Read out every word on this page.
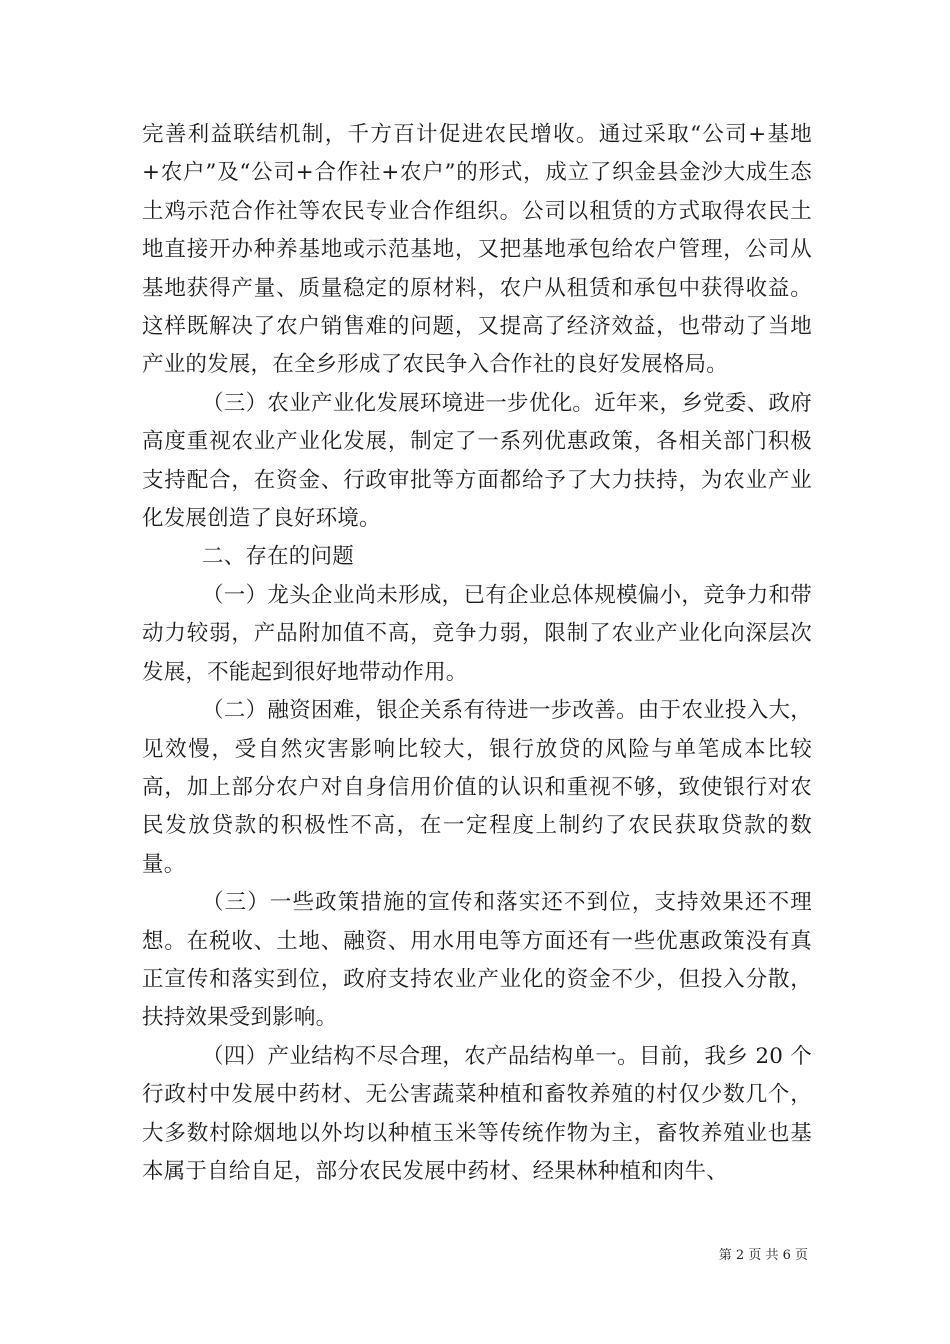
完善利益联结机制，千方百计促进农民增收。通过采取“公司+基地+农户”及“公司+合作社+农户”的形式，成立了织金县金沙大成生态土鸡示范合作社等农民专业合作组织。公司以租赁的方式取得农民土地直接开办种养基地或示范基地，又把基地承包给农户管理，公司从基地获得产量、质量稳定的原材料，农户从租赁和承包中获得收益。这样既解决了农户销售难的问题，又提高了经济效益，也带动了当地产业的发展，在全乡形成了农民争入合作社的良好发展格局。

（三）农业产业化发展环境进一步优化。近年来，乡党委、政府高度重视农业产业化发展，制定了一系列优惠政策，各相关部门积极支持配合，在资金、行政审批等方面都给予了大力扶持，为农业产业化发展创造了良好环境。

二、存在的问题

（一）龙头企业尚未形成，已有企业总体规模偏小，竞争力和带动力较弱，产品附加值不高，竞争力弱，限制了农业产业化向深层次发展，不能起到很好地带动作用。

（二）融资困难，银企关系有待进一步改善。由于农业投入大，见效慢，受自然灾害影响比较大，银行放贷的风险与单笔成本比较高，加上部分农户对自身信用价值的认识和重视不够，致使银行对农民发放贷款的积极性不高，在一定程度上制约了农民获取贷款的数量。

（三）一些政策措施的宣传和落实还不到位，支持效果还不理想。在税收、土地、融资、用水用电等方面还有一些优惠政策没有真正宣传和落实到位，政府支持农业产业化的资金不少，但投入分散，扶持效果受到影响。

（四）产业结构不尽合理，农产品结构单一。目前，我乡 20 个行政村中发展中药材、无公害蔬菜种植和畜牧养殖的村仅少数几个，大多数村除烟地以外均以种植玉米等传统作物为主，畜牧养殖业也基本属于自给自足，部分农民发展中药材、经果林种植和肉牛、

第 2 页 共 6 页
